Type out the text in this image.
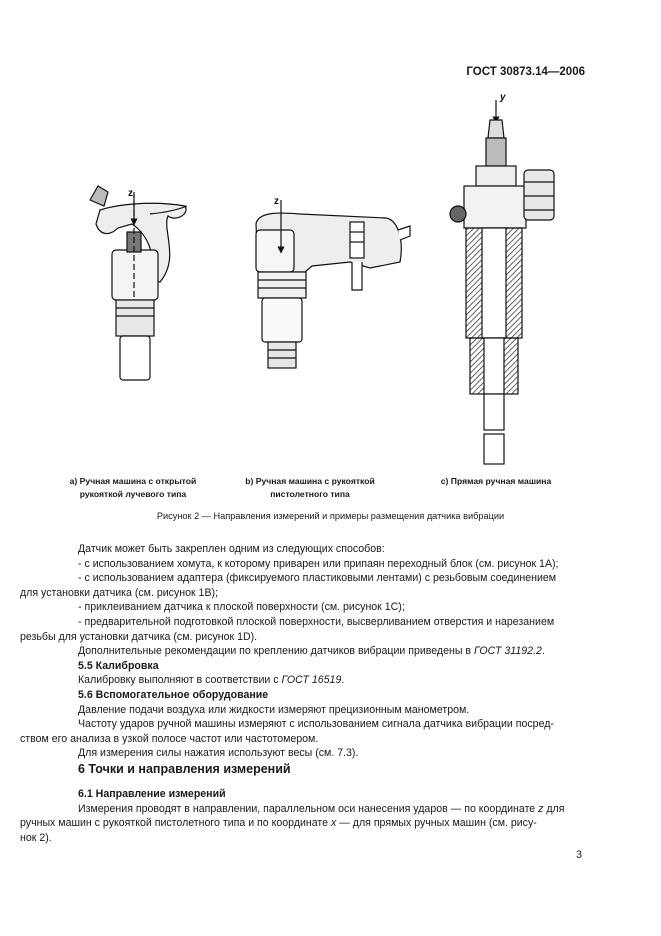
ГОСТ 30873.14—2006
z
z
y
а) Ручная машина с открытой
рукояткой лучевого типа
b) Ручная машина с рукояткой
пистолетного типа
с) Прямая ручная машина
Рисунок 2 — Направления измерений и примеры размещения датчика вибрации

Датчик может быть закреплен одним из следующих способов:

- с использованием хомута, к которому приварен или припаян переходный блок (см. рисунок 1А);

- с использованием адаптера (фиксируемого пластиковыми лентами) с резьбовым соединением

для установки датчика (см. рисунок 1В);

- приклеиванием датчика к плоской поверхности (см. рисунок 1С);

- предварительной подготовкой плоской поверхности, высверливанием отверстия и нарезанием

резьбы для установки датчика (см. рисунок 1D).

Дополнительные рекомендации по креплению датчиков вибрации приведены в ГОСТ 31192.2.

5.5 Калибровка

Калибровку выполняют в соответствии с ГОСТ 16519.

5.6 Вспомогательное оборудование

Давление подачи воздуха или жидкости измеряют прецизионным манометром.

Частоту ударов ручной машины измеряют с использованием сигнала датчика вибрации посред-

ством его анализа в узкой полосе частот или частотомером.

Для измерения силы нажатия используют весы (см. 7.3).

6 Точки и направления измерений

6.1 Направление измерений

Измерения проводят в направлении, параллельном оси нанесения ударов — по координате z для

ручных машин с рукояткой пистолетного типа и по координате x — для прямых ручных машин (см. рису-

нок 2).

3
